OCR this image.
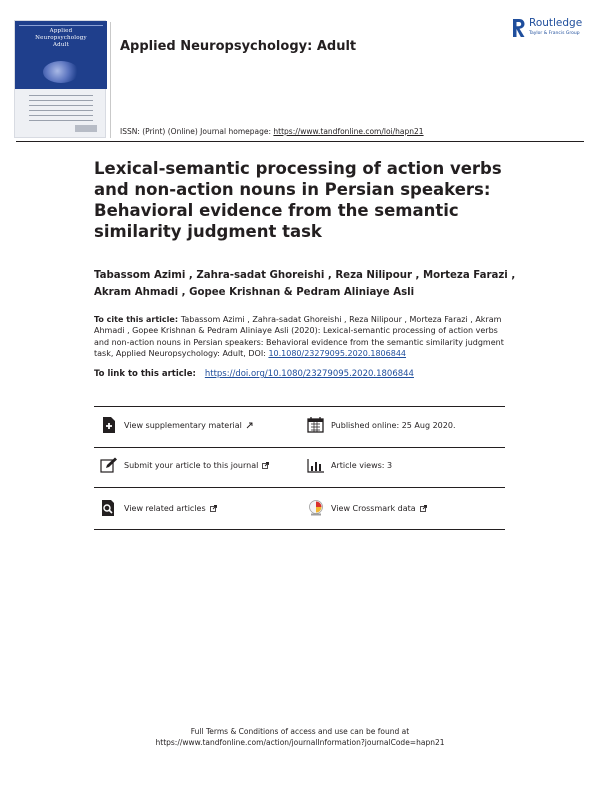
Applied
Neuropsychology
Adult	Applied Neuropsychology: Adult
ISSN: (Print) (Online) Journal homepage: https://www.tandfonline.com/loi/hapn21
Routledge
Taylor & Francis Group
Lexical-semantic processing of action verbs and non-action nouns in Persian speakers: Behavioral evidence from the semantic similarity judgment task

Tabassom Azimi , Zahra-sadat Ghoreishi , Reza Nilipour , Morteza Farazi ,
Akram Ahmadi , Gopee Krishnan & Pedram Aliniaye Asli

To cite this article: Tabassom Azimi , Zahra-sadat Ghoreishi , Reza Nilipour , Morteza Farazi , Akram Ahmadi , Gopee Krishnan & Pedram Aliniaye Asli (2020): Lexical-semantic processing of action verbs and non-action nouns in Persian speakers: Behavioral evidence from the semantic similarity judgment task, Applied Neuropsychology: Adult, DOI: 10.1080/23279095.2020.1806844

To link to this article: https://doi.org/10.1080/23279095.2020.1806844

View supplementary material	Published online: 25 Aug 2020.
Submit your article to this journal	Article views: 3
View related articles	View Crossmark data
Full Terms & Conditions of access and use can be found at
https://www.tandfonline.com/action/journalInformation?journalCode=hapn21
